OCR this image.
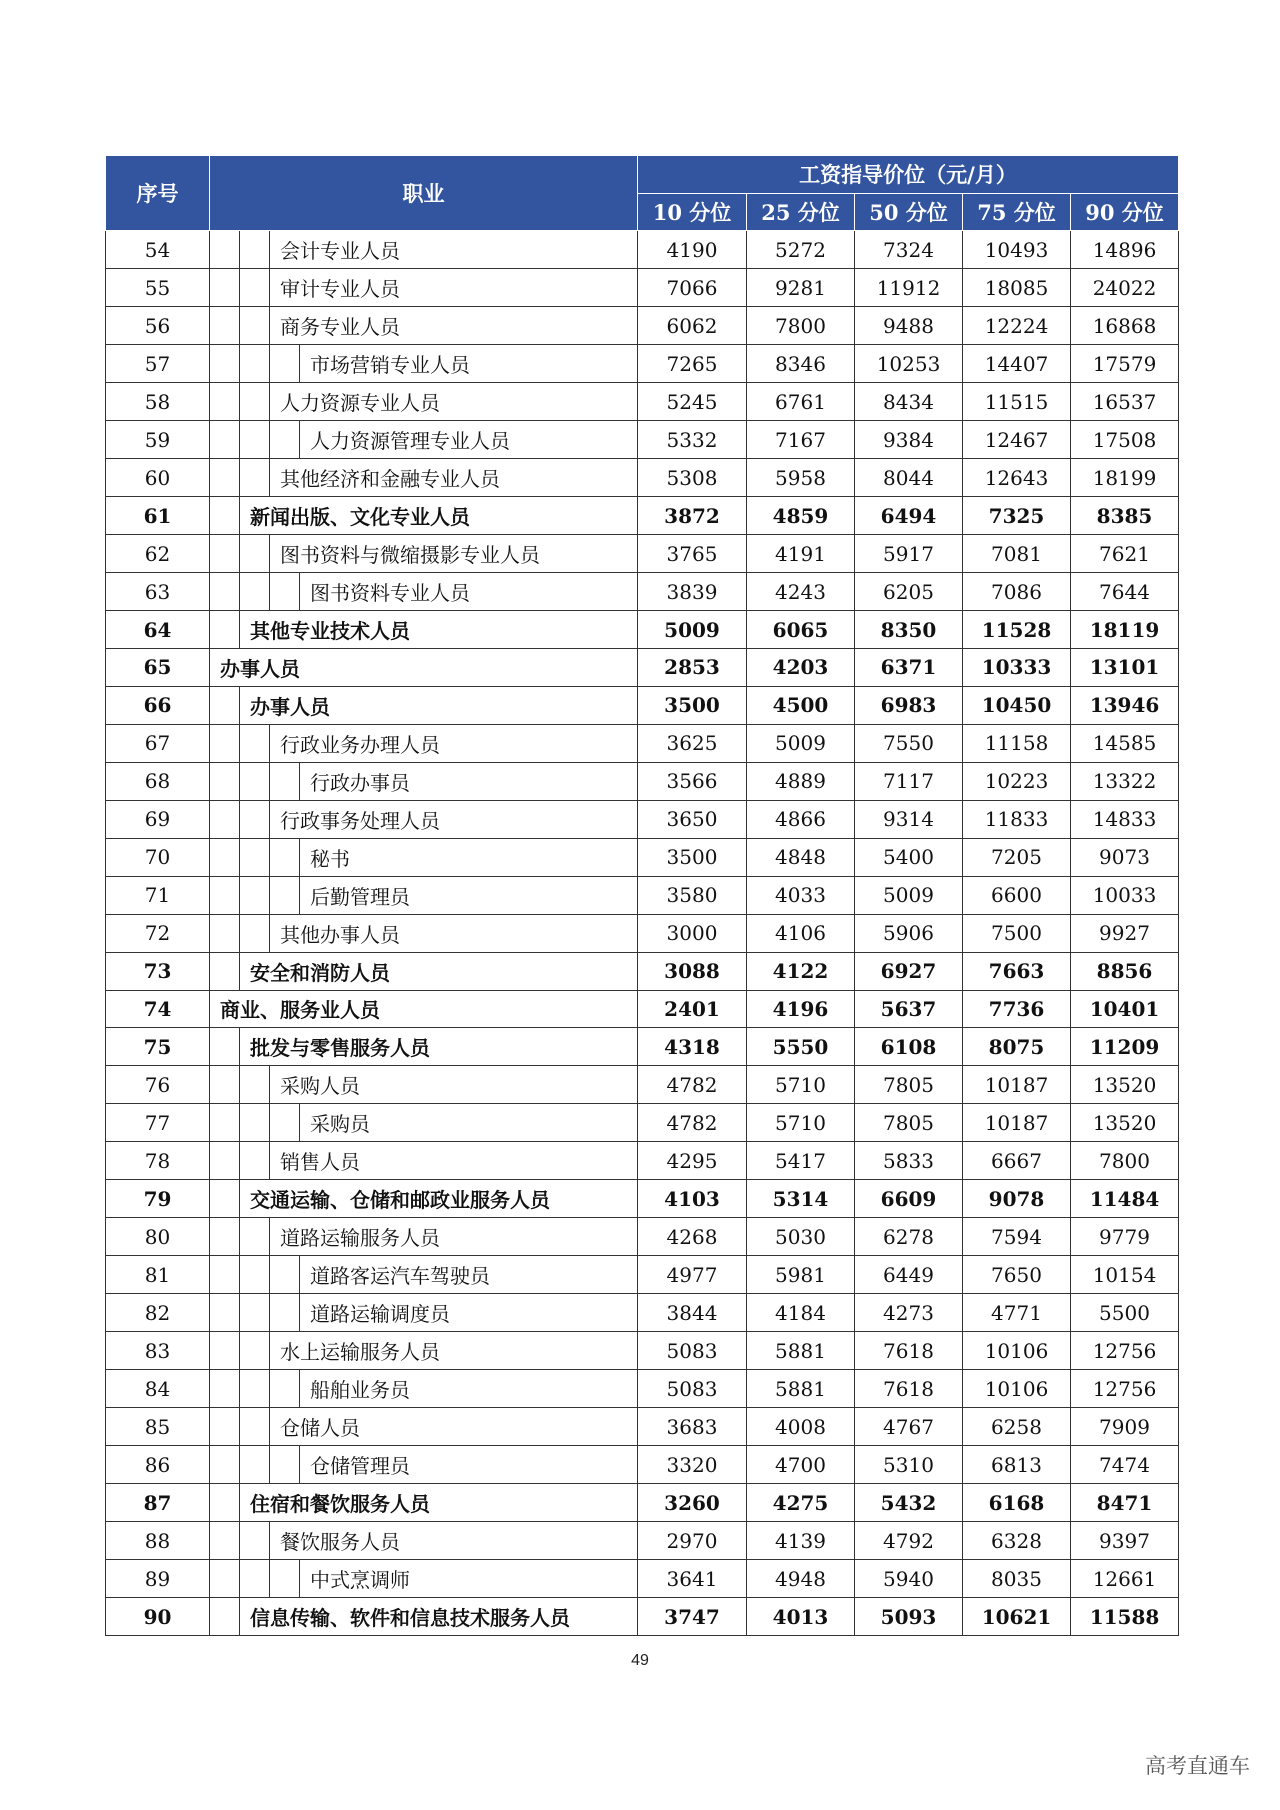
序号	职业	工资指导价位（元/月）				
		10 分位	25 分位	50 分位	75 分位	90 分位
54	会计专业人员	4190	5272	7324	10493	14896
55	审计专业人员	7066	9281	11912	18085	24022
56	商务专业人员	6062	7800	9488	12224	16868
57	市场营销专业人员	7265	8346	10253	14407	17579
58	人力资源专业人员	5245	6761	8434	11515	16537
59	人力资源管理专业人员	5332	7167	9384	12467	17508
60	其他经济和金融专业人员	5308	5958	8044	12643	18199
61	新闻出版、文化专业人员	3872	4859	6494	7325	8385
62	图书资料与微缩摄影专业人员	3765	4191	5917	7081	7621
63	图书资料专业人员	3839	4243	6205	7086	7644
64	其他专业技术人员	5009	6065	8350	11528	18119
65	办事人员	2853	4203	6371	10333	13101
66	办事人员	3500	4500	6983	10450	13946
67	行政业务办理人员	3625	5009	7550	11158	14585
68	行政办事员	3566	4889	7117	10223	13322
69	行政事务处理人员	3650	4866	9314	11833	14833
70	秘书	3500	4848	5400	7205	9073
71	后勤管理员	3580	4033	5009	6600	10033
72	其他办事人员	3000	4106	5906	7500	9927
73	安全和消防人员	3088	4122	6927	7663	8856
74	商业、服务业人员	2401	4196	5637	7736	10401
75	批发与零售服务人员	4318	5550	6108	8075	11209
76	采购人员	4782	5710	7805	10187	13520
77	采购员	4782	5710	7805	10187	13520
78	销售人员	4295	5417	5833	6667	7800
79	交通运输、仓储和邮政业服务人员	4103	5314	6609	9078	11484
80	道路运输服务人员	4268	5030	6278	7594	9779
81	道路客运汽车驾驶员	4977	5981	6449	7650	10154
82	道路运输调度员	3844	4184	4273	4771	5500
83	水上运输服务人员	5083	5881	7618	10106	12756
84	船舶业务员	5083	5881	7618	10106	12756
85	仓储人员	3683	4008	4767	6258	7909
86	仓储管理员	3320	4700	5310	6813	7474
87	住宿和餐饮服务人员	3260	4275	5432	6168	8471
88	餐饮服务人员	2970	4139	4792	6328	9397
89	中式烹调师	3641	4948	5940	8035	12661
90	信息传输、软件和信息技术服务人员	3747	4013	5093	10621	11588
49
高考直通车
